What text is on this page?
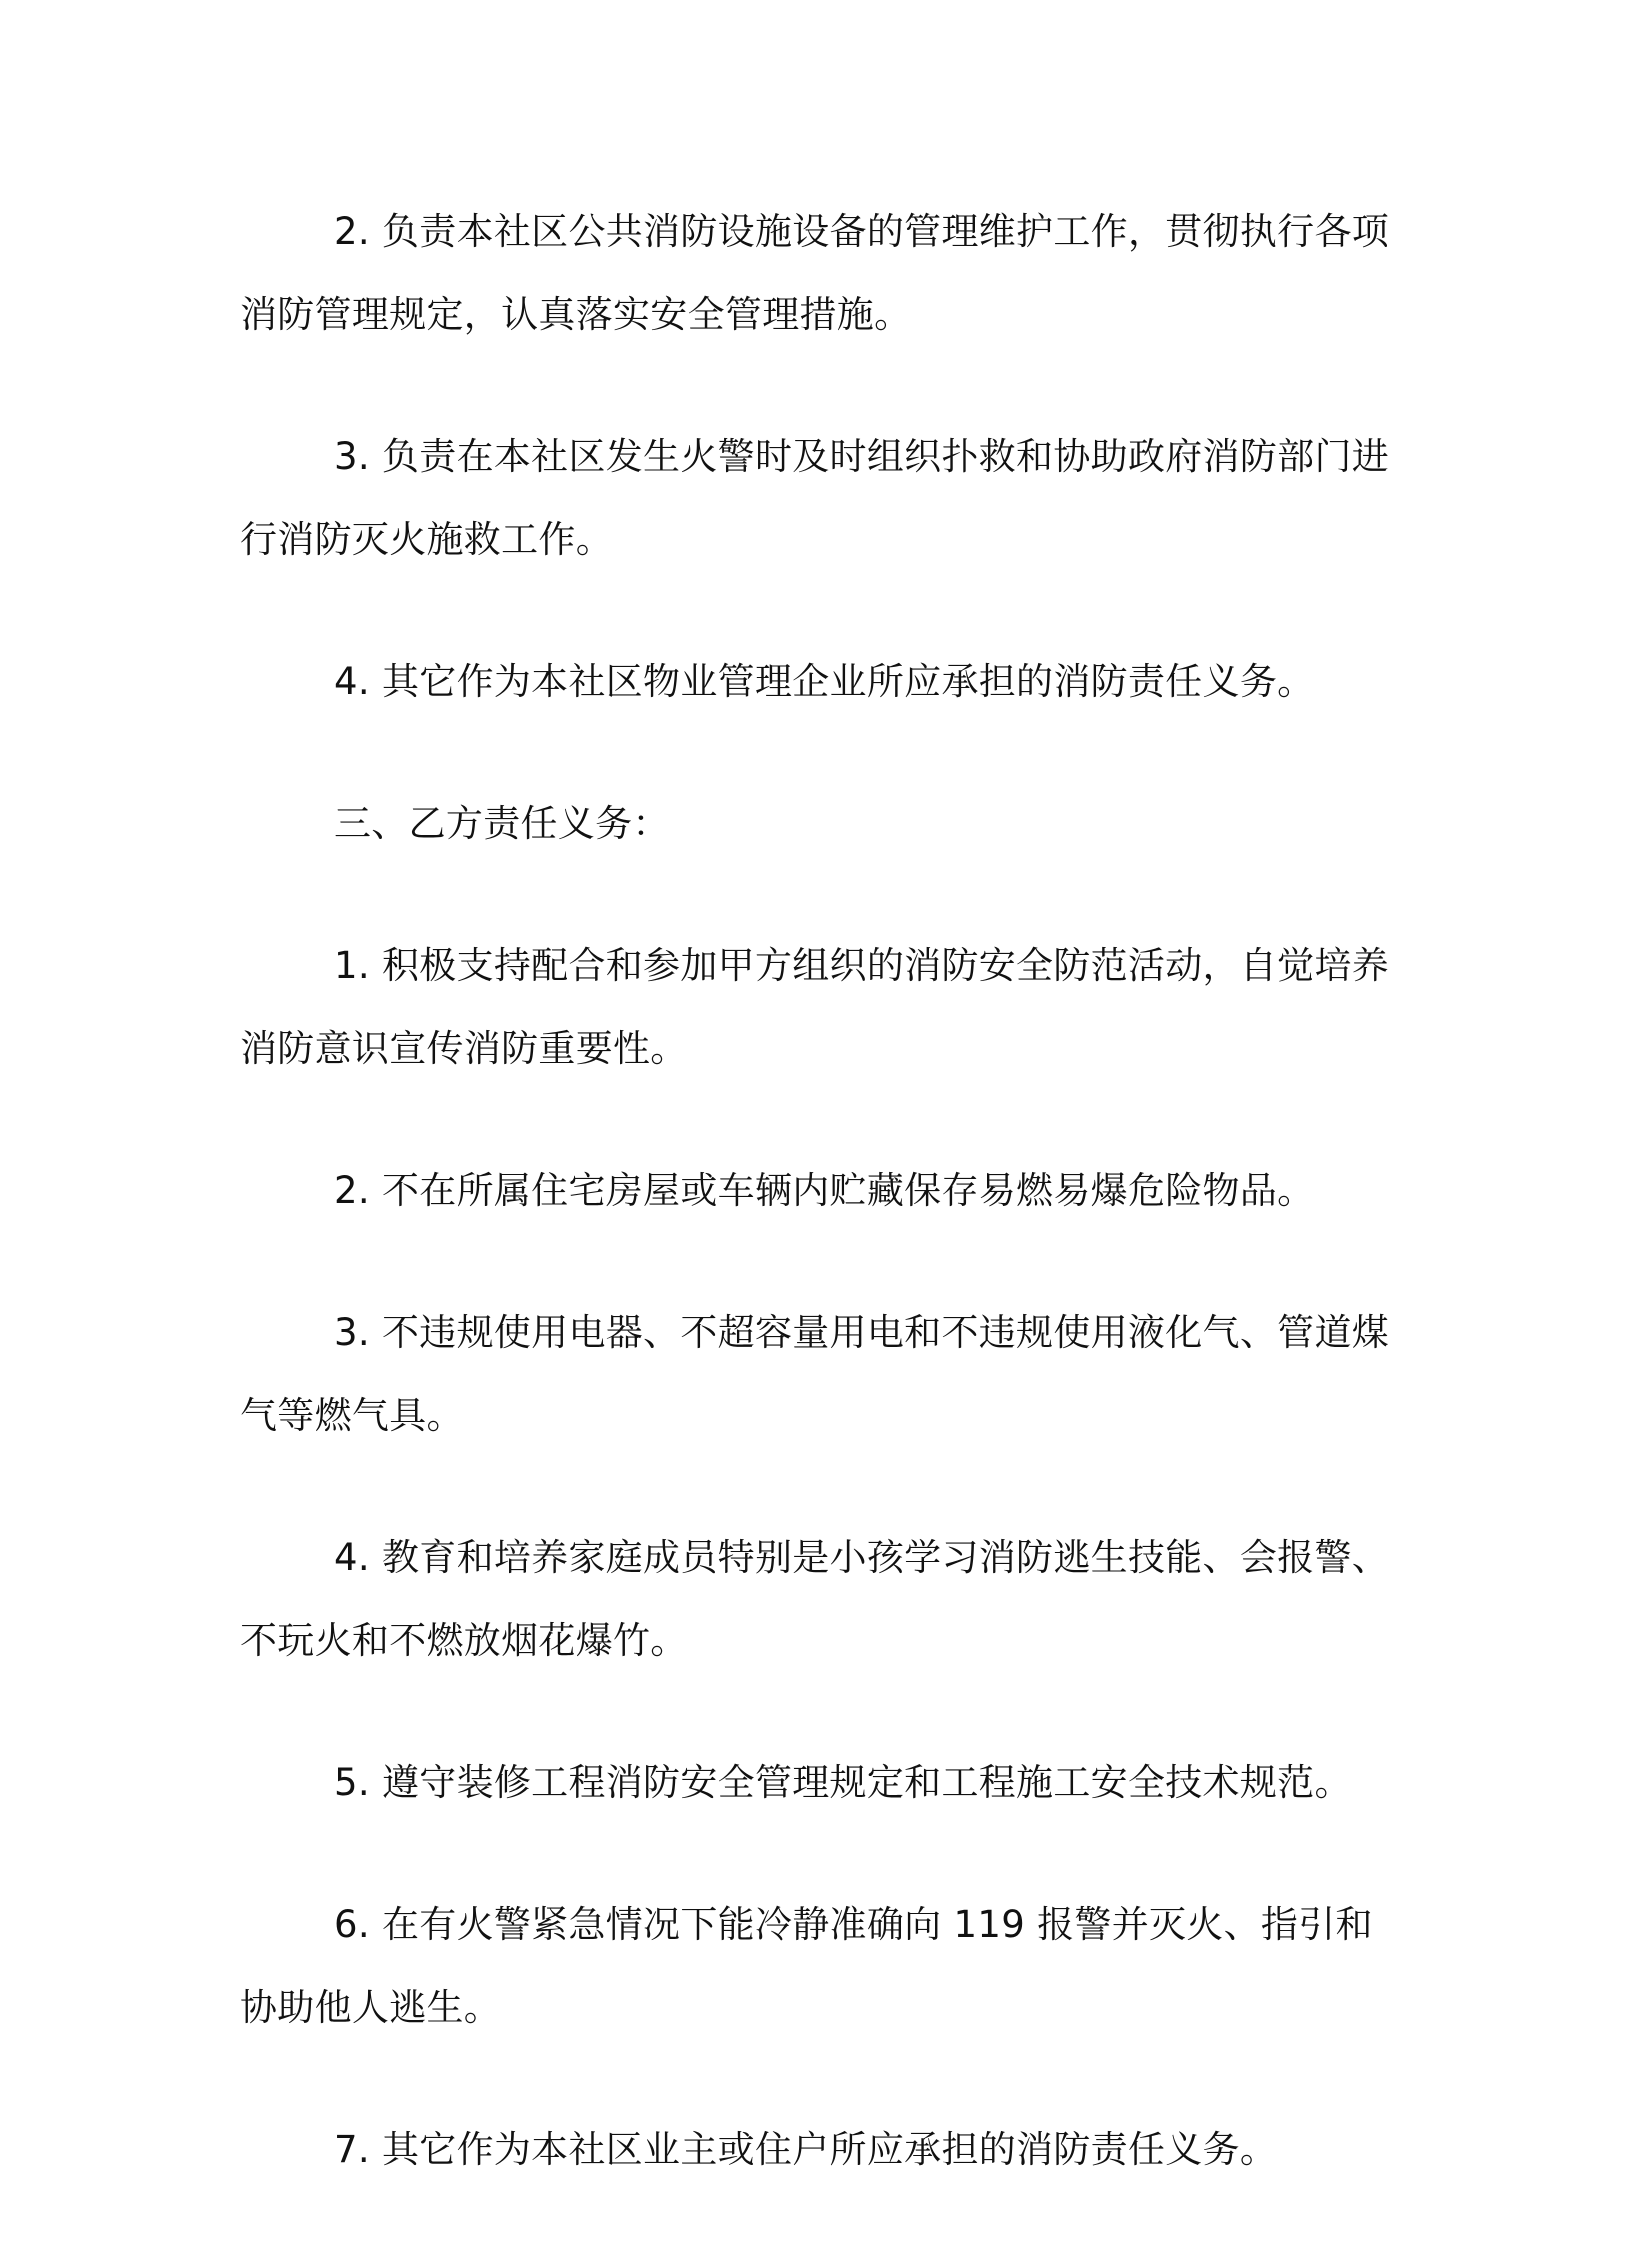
2. 负责本社区公共消防设施设备的管理维护工作，贯彻执行各项消防管理规定，认真落实安全管理措施。

3. 负责在本社区发生火警时及时组织扑救和协助政府消防部门进行消防灭火施救工作。

4. 其它作为本社区物业管理企业所应承担的消防责任义务。

三、乙方责任义务：

1. 积极支持配合和参加甲方组织的消防安全防范活动，自觉培养消防意识宣传消防重要性。

2. 不在所属住宅房屋或车辆内贮藏保存易燃易爆危险物品。

3. 不违规使用电器、不超容量用电和不违规使用液化气、管道煤气等燃气具。

4. 教育和培养家庭成员特别是小孩学习消防逃生技能、会报警、不玩火和不燃放烟花爆竹。

5. 遵守装修工程消防安全管理规定和工程施工安全技术规范。

6. 在有火警紧急情况下能冷静准确向 119 报警并灭火、指引和协助他人逃生。

7. 其它作为本社区业主或住户所应承担的消防责任义务。
